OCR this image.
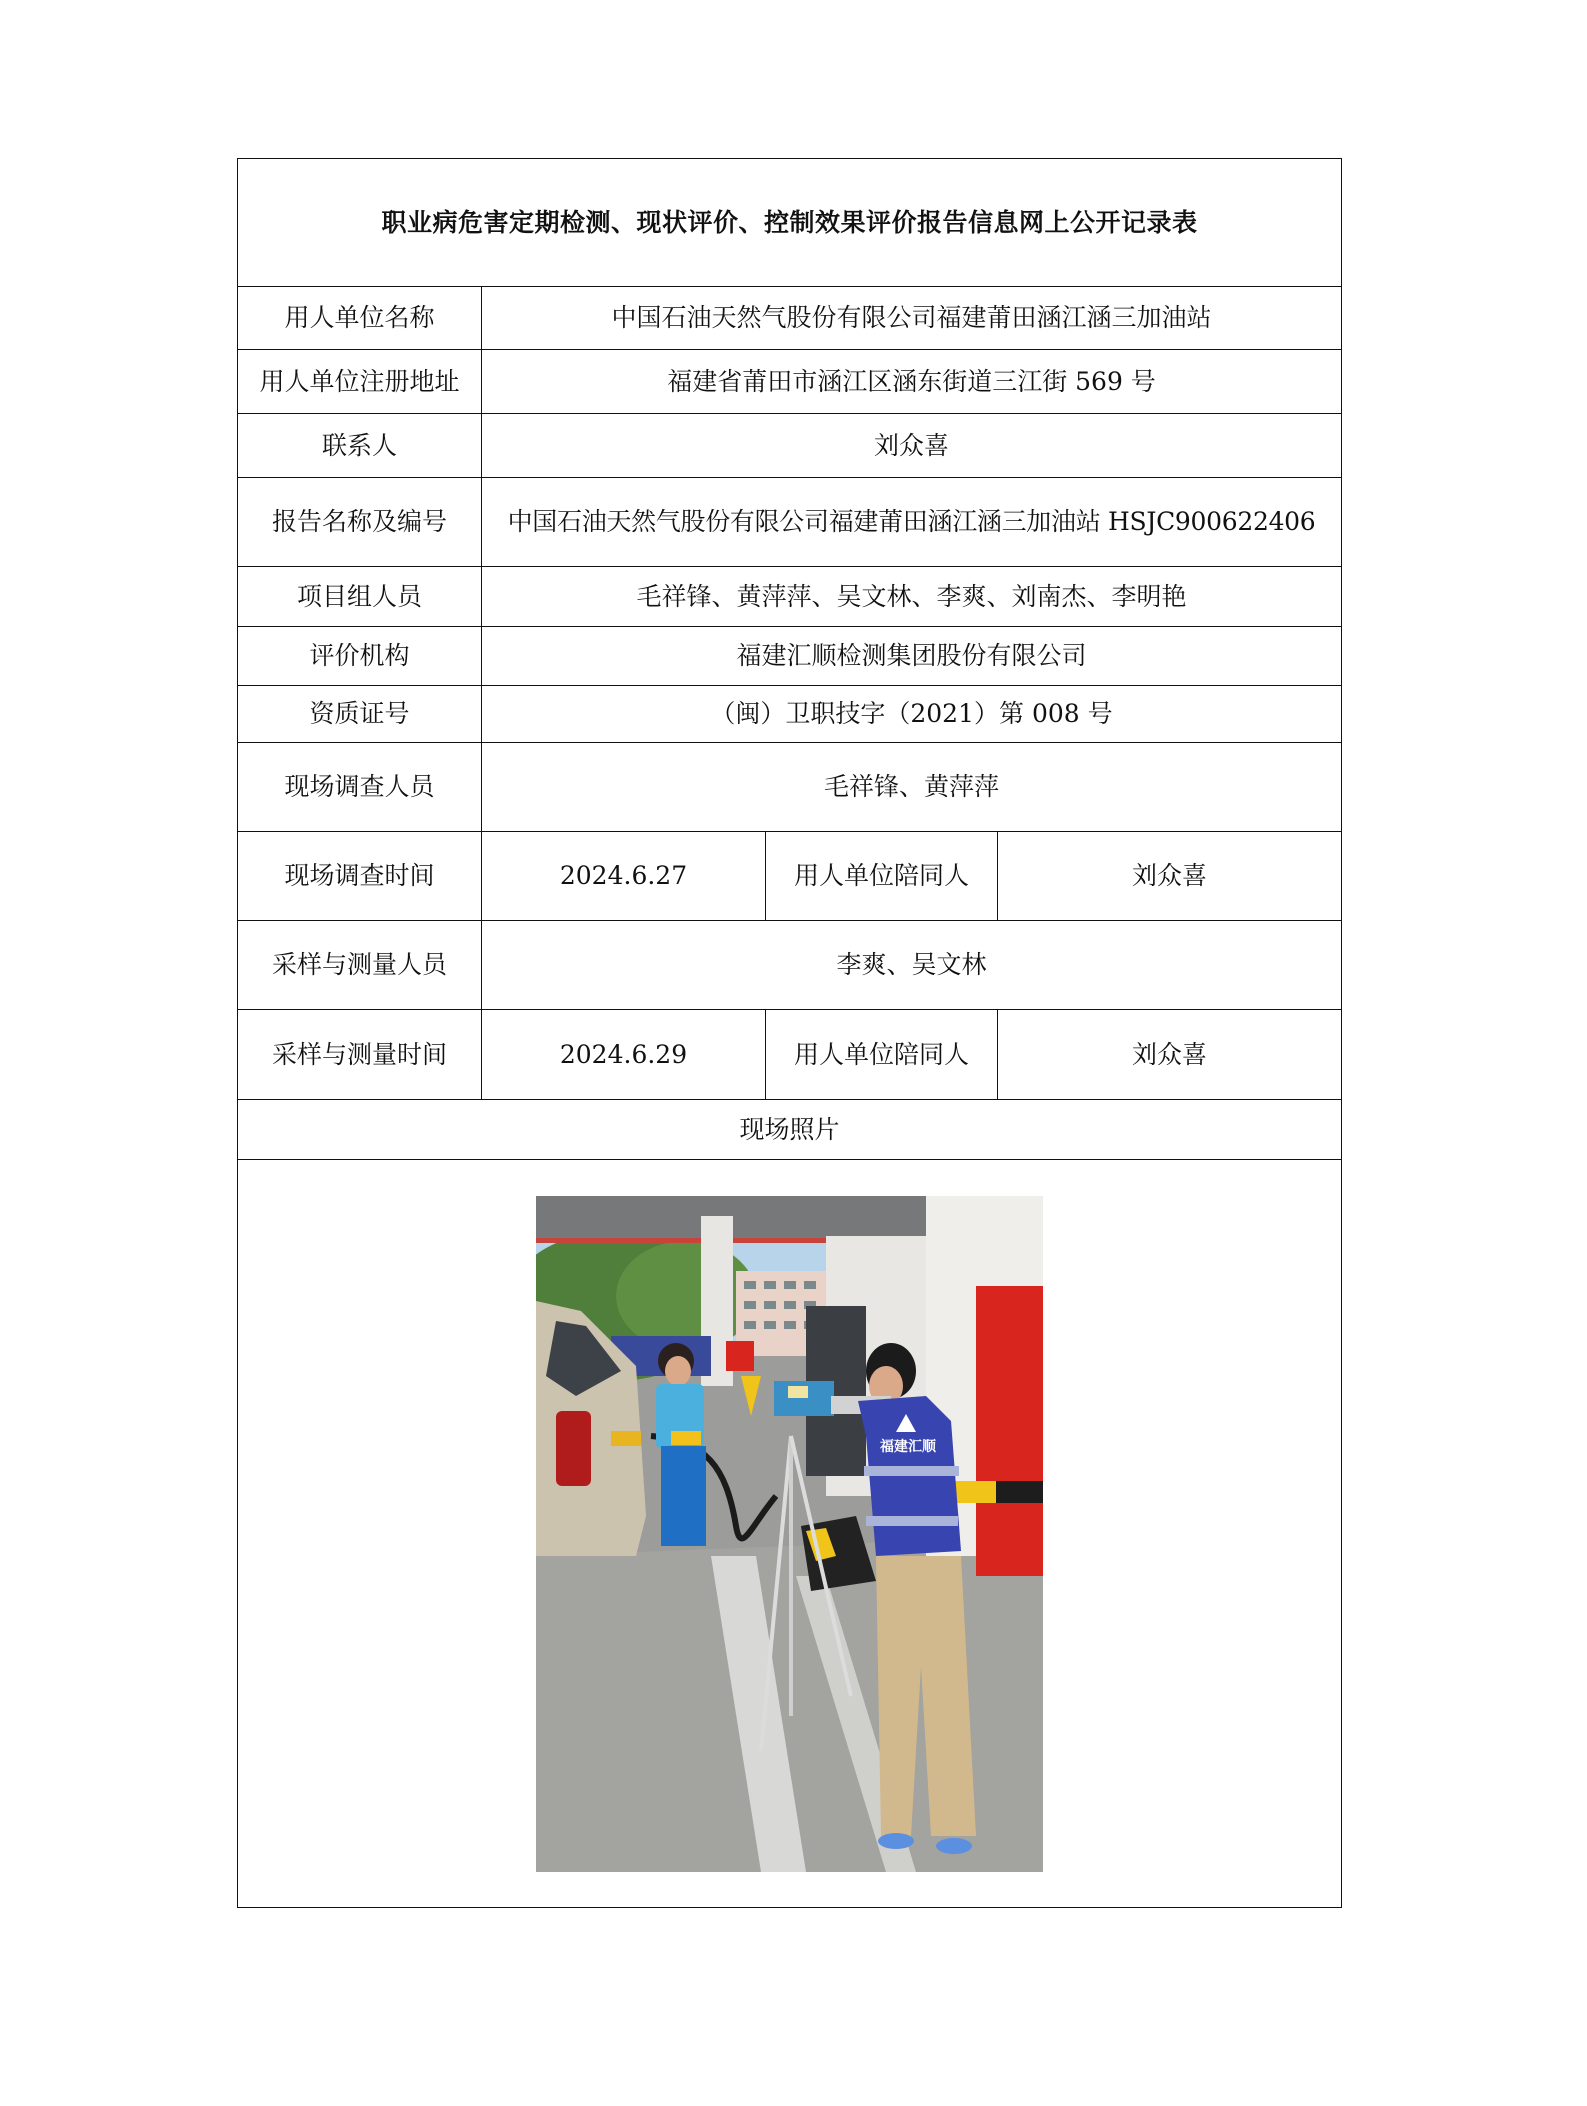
职业病危害定期检测、现状评价、控制效果评价报告信息网上公开记录表			
用人单位名称	中国石油天然气股份有限公司福建莆田涵江涵三加油站		
用人单位注册地址	福建省莆田市涵江区涵东街道三江街 569 号		
联系人	刘众喜		
报告名称及编号	中国石油天然气股份有限公司福建莆田涵江涵三加油站 HSJC900622406		
项目组人员	毛祥锋、黄萍萍、吴文林、李爽、刘南杰、李明艳		
评价机构	福建汇顺检测集团股份有限公司		
资质证号	（闽）卫职技字（2021）第 008 号		
现场调查人员	毛祥锋、黄萍萍		
现场调查时间	2024.6.27	用人单位陪同人	刘众喜
采样与测量人员	李爽、吴文林		
采样与测量时间	2024.6.29	用人单位陪同人	刘众喜
现场照片			

福建汇顺			
